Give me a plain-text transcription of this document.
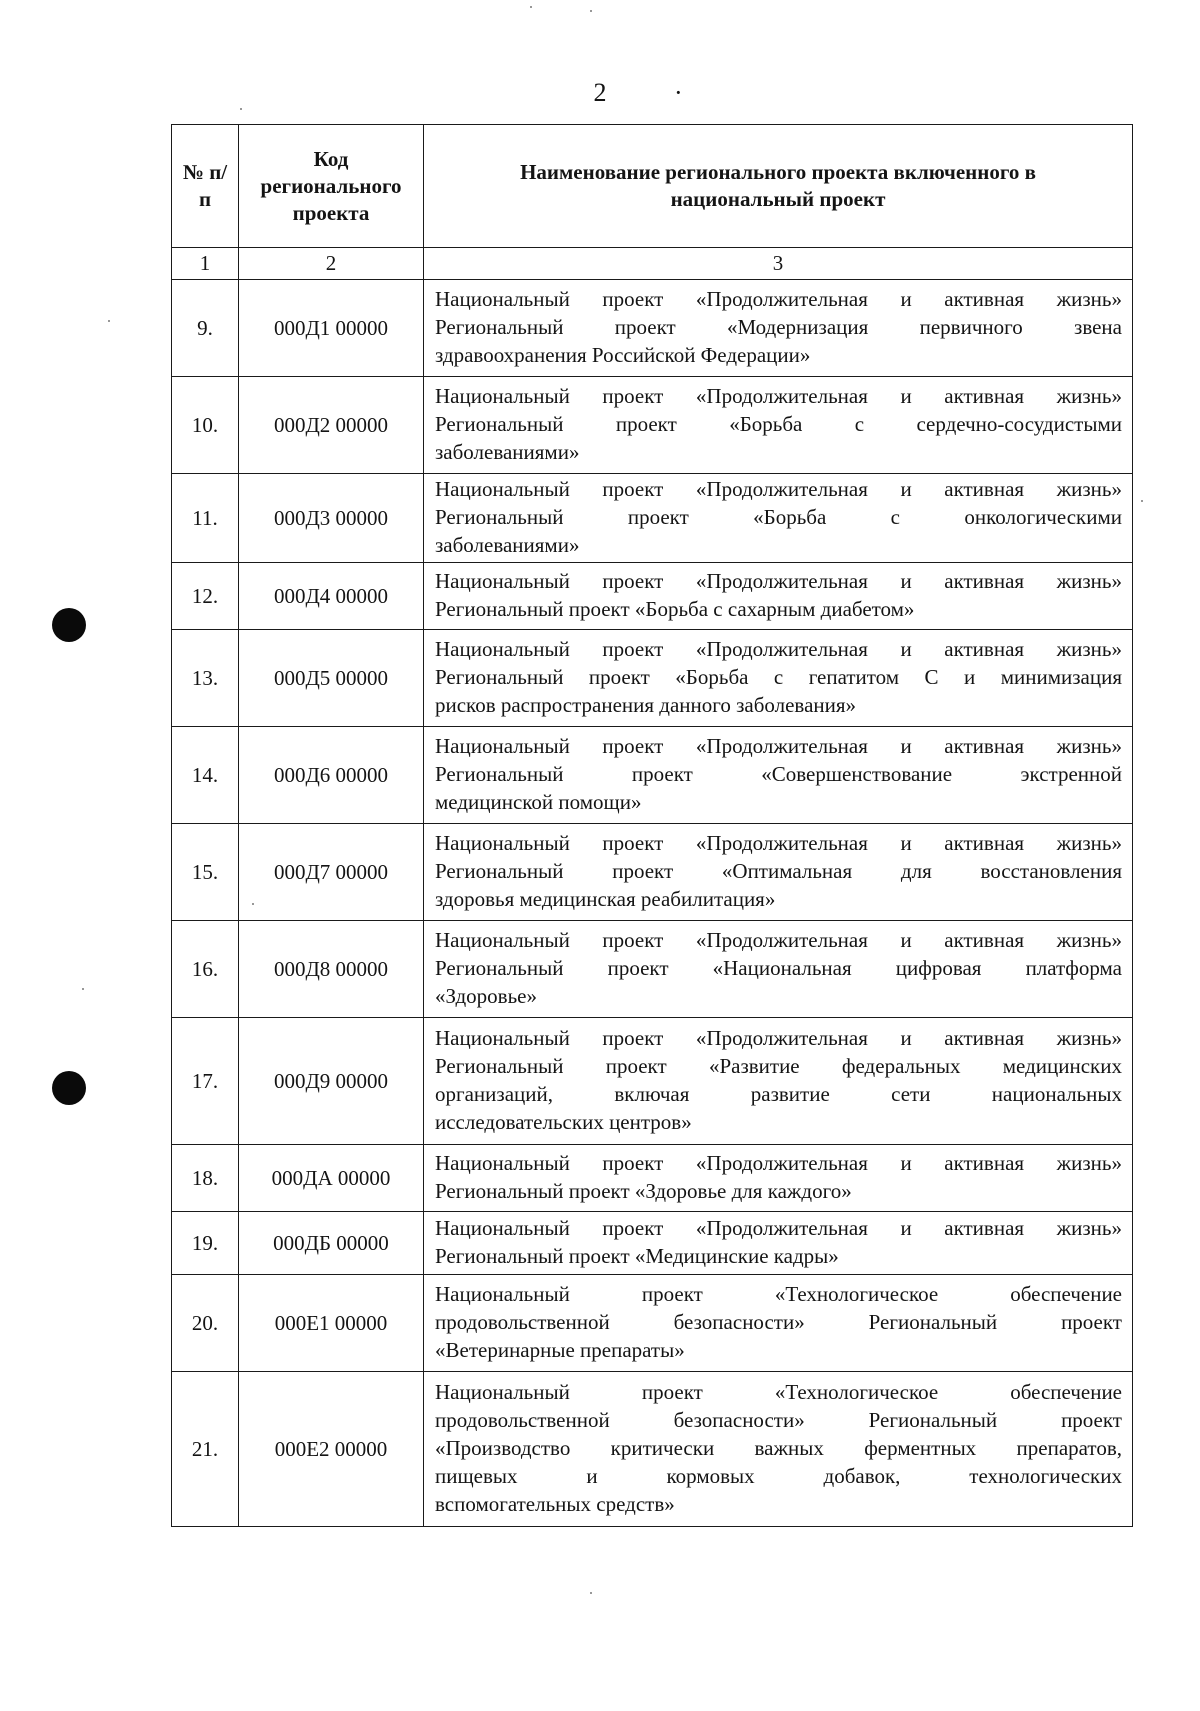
2	·
№ п/п	Код регионального проекта	Наименование регионального проекта включенного в национальный проект
1	2	3
9.	000Д1 00000	Национальный проект «Продолжительная и активная жизнь»
Региональный проект «Модернизация первичного звена
здравоохранения Российской Федерации»

10.	000Д2 00000	Национальный проект «Продолжительная и активная жизнь»
Региональный проект «Борьба с сердечно-сосудистыми
заболеваниями»

11.	000Д3 00000	Национальный проект «Продолжительная и активная жизнь»
Региональный проект «Борьба с онкологическими
заболеваниями»

12.	000Д4 00000	Национальный проект «Продолжительная и активная жизнь»
Региональный проект «Борьба с сахарным диабетом»

13.	000Д5 00000	Национальный проект «Продолжительная и активная жизнь»
Региональный проект «Борьба с гепатитом С и минимизация
рисков распространения данного заболевания»

14.	000Д6 00000	Национальный проект «Продолжительная и активная жизнь»
Региональный проект «Совершенствование экстренной
медицинской помощи»

15.	000Д7 00000	Национальный проект «Продолжительная и активная жизнь»
Региональный проект «Оптимальная для восстановления
здоровья медицинская реабилитация»

16.	000Д8 00000	Национальный проект «Продолжительная и активная жизнь»
Региональный проект «Национальная цифровая платформа
«Здоровье»

17.	000Д9 00000	Национальный проект «Продолжительная и активная жизнь»
Региональный проект «Развитие федеральных медицинских
организаций, включая развитие сети национальных
исследовательских центров»

18.	000ДА 00000	Национальный проект «Продолжительная и активная жизнь»
Региональный проект «Здоровье для каждого»

19.	000ДБ 00000	Национальный проект «Продолжительная и активная жизнь»
Региональный проект «Медицинские кадры»

20.	000Е1 00000	Национальный проект «Технологическое обеспечение
продовольственной безопасности» Региональный проект
«Ветеринарные препараты»

21.	000Е2 00000	Национальный проект «Технологическое обеспечение
продовольственной безопасности» Региональный проект
«Производство критически важных ферментных препаратов,
пищевых и кормовых добавок, технологических
вспомогательных средств»
